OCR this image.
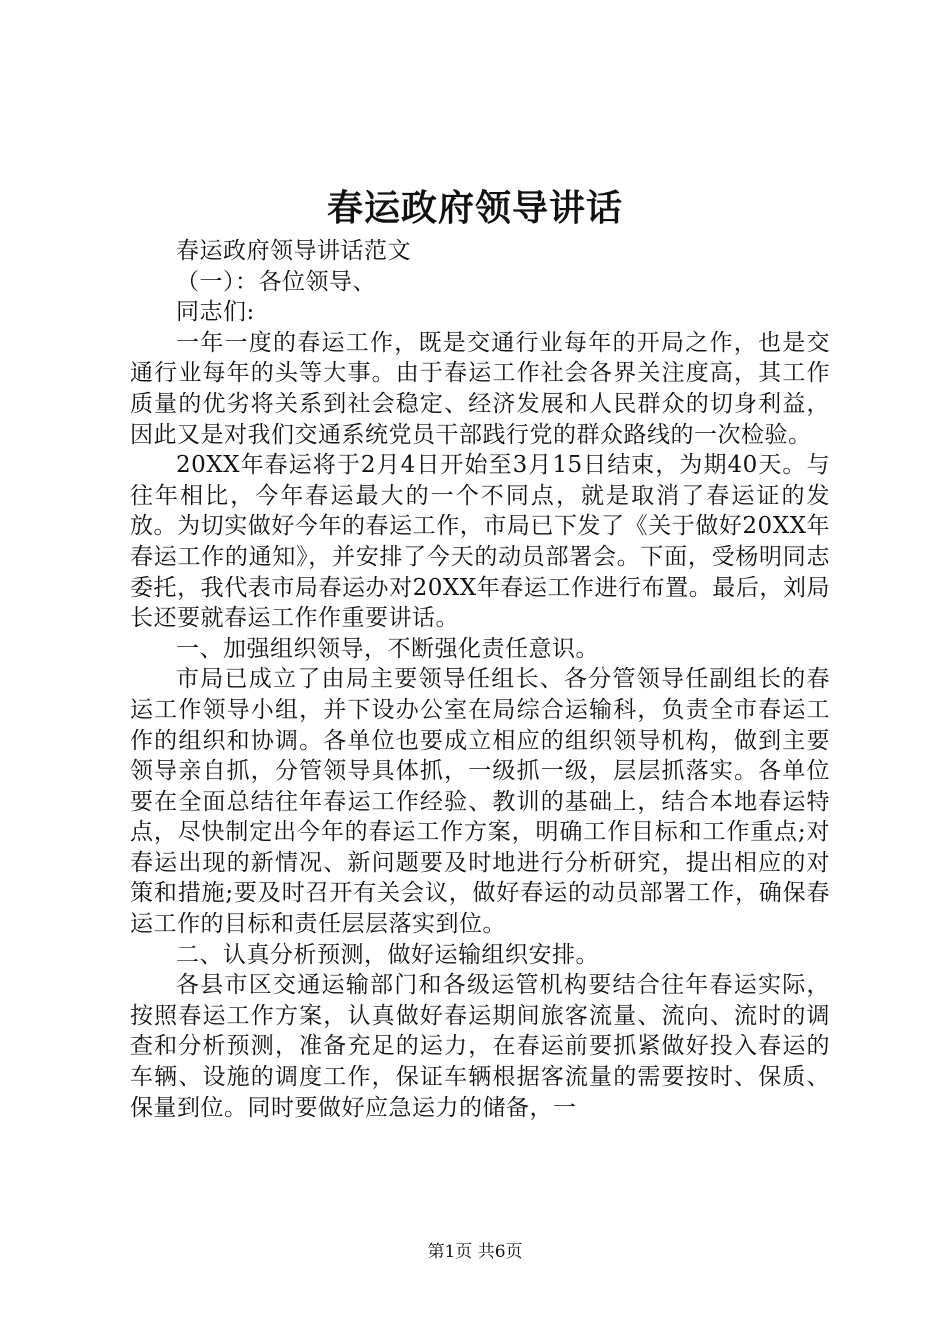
春运政府领导讲话

春运政府领导讲话范文

（一）：各位领导、

同志们:

一年一度的春运工作，既是交通行业每年的开局之作，也是交通行业每年的头等大事。由于春运工作社会各界关注度高，其工作质量的优劣将关系到社会稳定、经济发展和人民群众的切身利益，因此又是对我们交通系统党员干部践行党的群众路线的一次检验。

20XX年春运将于2月4日开始至3月15日结束，为期40天。与往年相比，今年春运最大的一个不同点，就是取消了春运证的发放。为切实做好今年的春运工作，市局已下发了《关于做好20XX年春运工作的通知》，并安排了今天的动员部署会。下面，受杨明同志委托，我代表市局春运办对20XX年春运工作进行布置。最后，刘局长还要就春运工作作重要讲话。

一、加强组织领导，不断强化责任意识。

市局已成立了由局主要领导任组长、各分管领导任副组长的春运工作领导小组，并下设办公室在局综合运输科，负责全市春运工作的组织和协调。各单位也要成立相应的组织领导机构，做到主要领导亲自抓，分管领导具体抓，一级抓一级，层层抓落实。各单位要在全面总结往年春运工作经验、教训的基础上，结合本地春运特点，尽快制定出今年的春运工作方案，明确工作目标和工作重点;对春运出现的新情况、新问题要及时地进行分析研究，提出相应的对策和措施;要及时召开有关会议，做好春运的动员部署工作，确保春运工作的目标和责任层层落实到位。

二、认真分析预测，做好运输组织安排。

各县市区交通运输部门和各级运管机构要结合往年春运实际，按照春运工作方案，认真做好春运期间旅客流量、流向、流时的调查和分析预测，准备充足的运力，在春运前要抓紧做好投入春运的车辆、设施的调度工作，保证车辆根据客流量的需要按时、保质、保量到位。同时要做好应急运力的储备，一

第1页 共6页
